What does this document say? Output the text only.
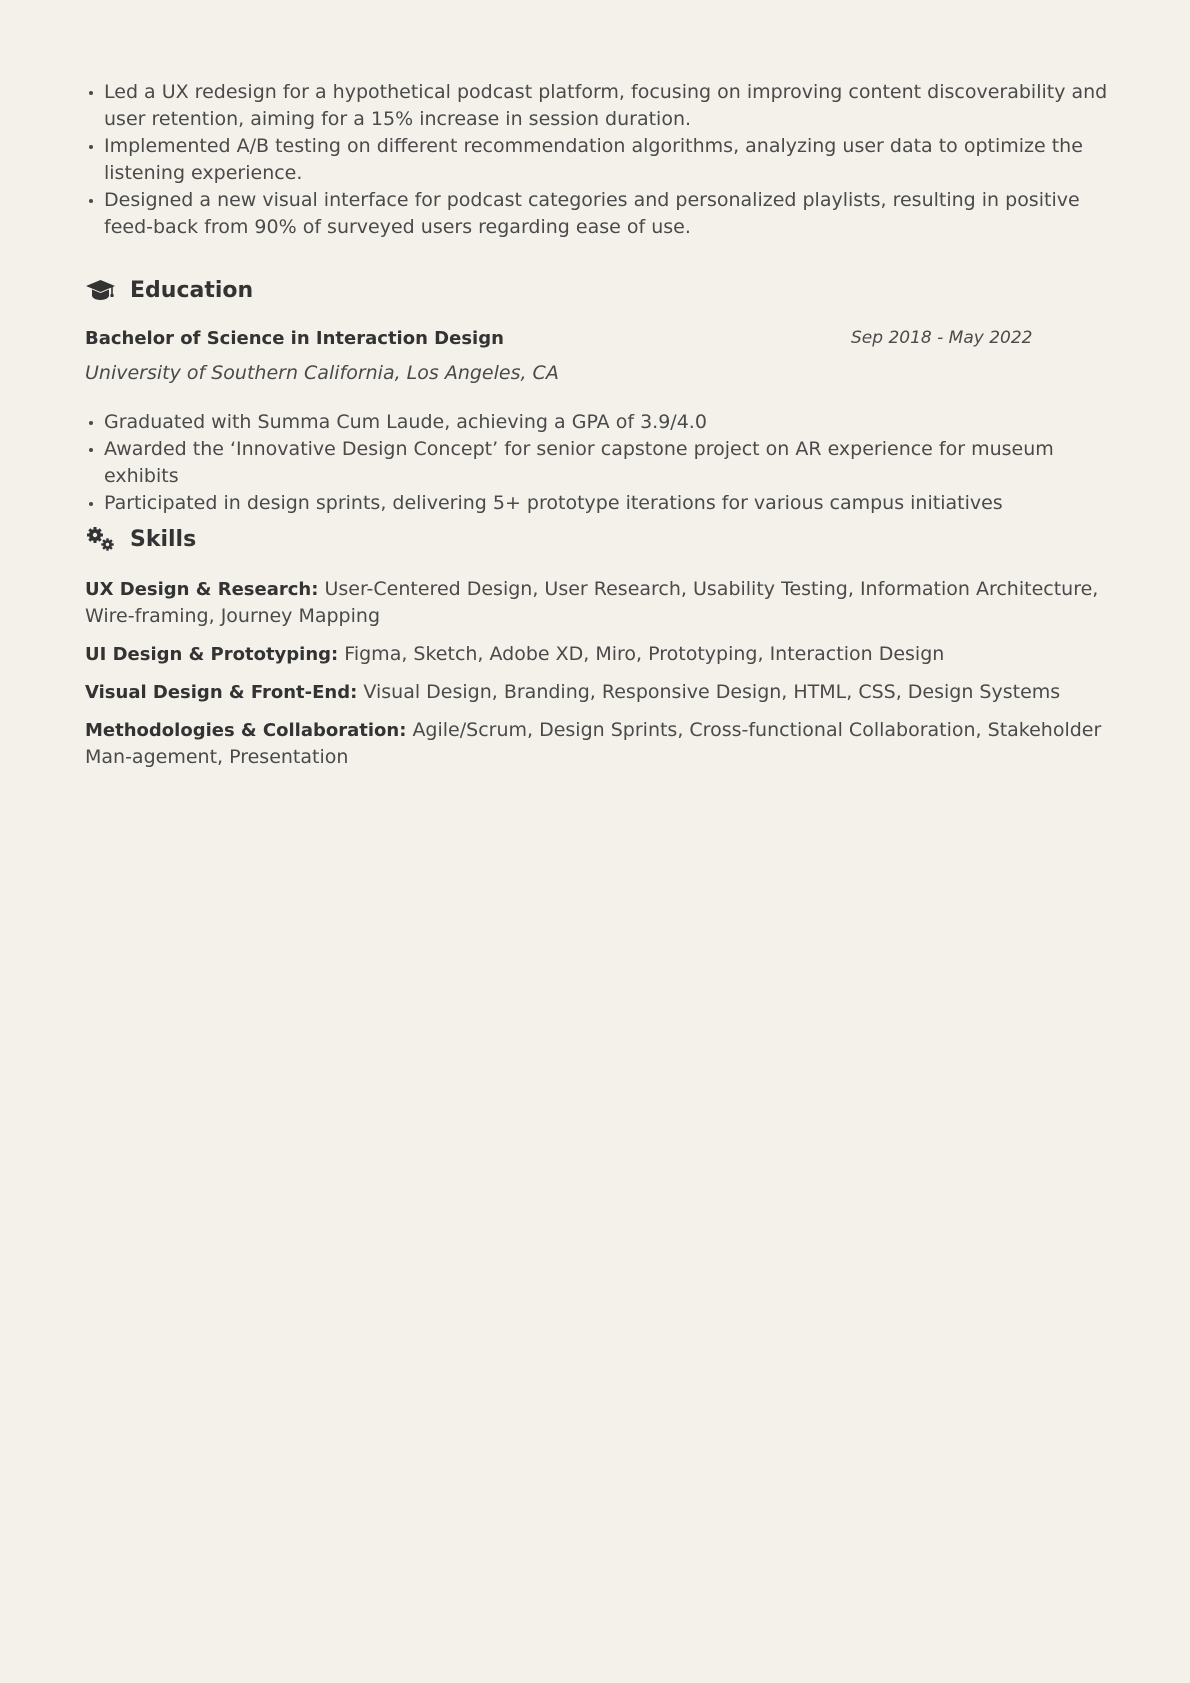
Led a UX redesign for a hypothetical podcast platform, focusing on improving content discoverability and user retention, aiming for a 15% increase in session duration.
Implemented A/B testing on different recommendation algorithms, analyzing user data to optimize the listening experience.
Designed a new visual interface for podcast categories and personalized playlists, resulting in positive feed-back from 90% of surveyed users regarding ease of use.
Education
Bachelor of Science in Interaction Design	Sep 2018 - May 2022
University of Southern California, Los Angeles, CA
Graduated with Summa Cum Laude, achieving a GPA of 3.9/4.0
Awarded the ‘Innovative Design Concept’ for senior capstone project on AR experience for museum exhibits
Participated in design sprints, delivering 5+ prototype iterations for various campus initiatives
Skills
UX Design & Research: User-Centered Design, User Research, Usability Testing, Information Architecture, Wire-framing, Journey Mapping
UI Design & Prototyping: Figma, Sketch, Adobe XD, Miro, Prototyping, Interaction Design
Visual Design & Front-End: Visual Design, Branding, Responsive Design, HTML, CSS, Design Systems
Methodologies & Collaboration: Agile/Scrum, Design Sprints, Cross-functional Collaboration, Stakeholder Man-agement, Presentation
